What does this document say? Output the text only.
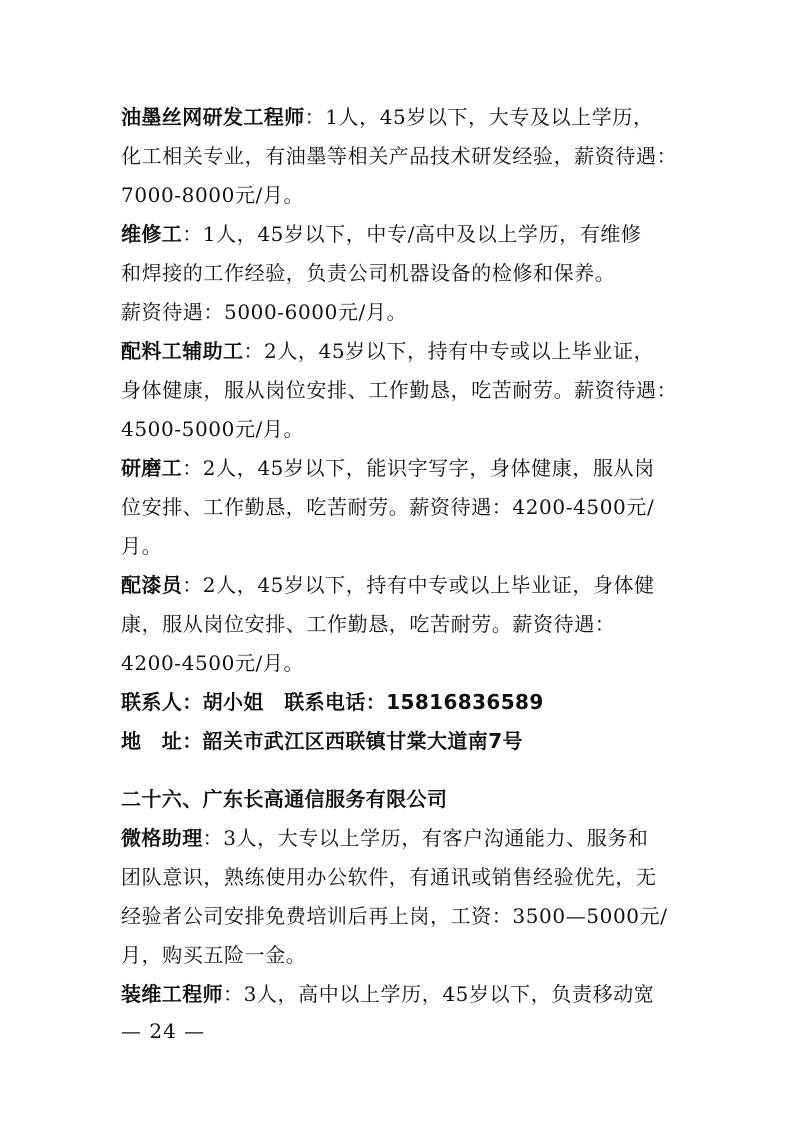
油墨丝网研发工程师：1人，45岁以下，大专及以上学历，
化工相关专业，有油墨等相关产品技术研发经验，薪资待遇：
7000-8000元/月。
维修工：1人，45岁以下，中专/高中及以上学历，有维修
和焊接的工作经验，负责公司机器设备的检修和保养。
薪资待遇：5000-6000元/月。
配料工辅助工：2人，45岁以下，持有中专或以上毕业证，
身体健康，服从岗位安排、工作勤恳，吃苦耐劳。薪资待遇：
4500-5000元/月。
研磨工：2人，45岁以下，能识字写字，身体健康，服从岗
位安排、工作勤恳，吃苦耐劳。薪资待遇：4200-4500元/
月。
配漆员：2人，45岁以下，持有中专或以上毕业证，身体健
康，服从岗位安排、工作勤恳，吃苦耐劳。薪资待遇：
4200-4500元/月。
联系人：胡小姐　联系电话：15816836589
地　址：韶关市武江区西联镇甘棠大道南7号
二十六、广东长高通信服务有限公司
微格助理：3人，大专以上学历，有客户沟通能力、服务和
团队意识，熟练使用办公软件，有通讯或销售经验优先，无
经验者公司安排免费培训后再上岗，工资：3500—5000元/
月，购买五险一金。
装维工程师：3人，高中以上学历，45岁以下，负责移动宽
— 24 —
